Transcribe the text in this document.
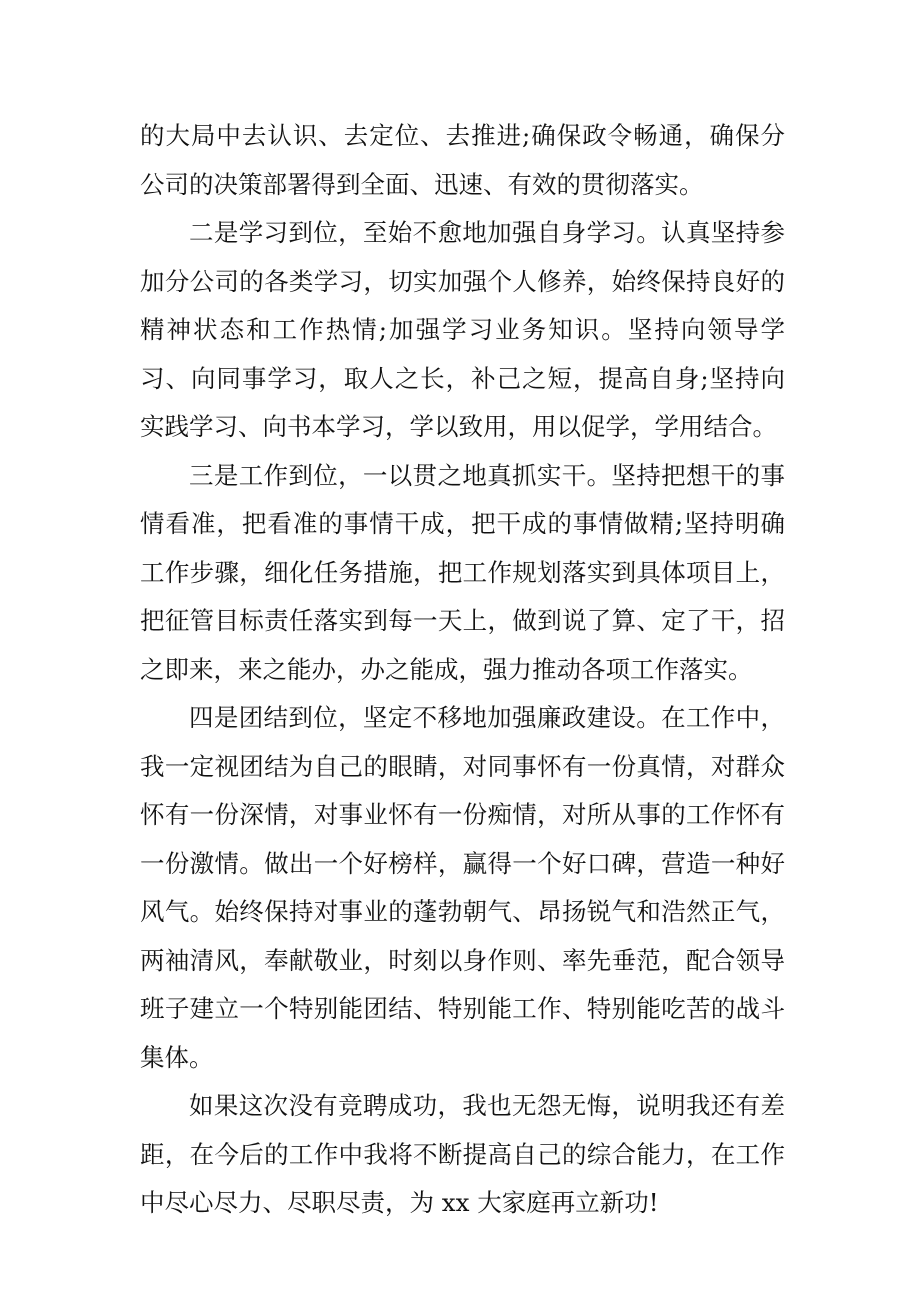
的大局中去认识、去定位、去推进;确保政令畅通，确保分公司的决策部署得到全面、迅速、有效的贯彻落实。

二是学习到位，至始不愈地加强自身学习。认真坚持参加分公司的各类学习，切实加强个人修养，始终保持良好的精神状态和工作热情;加强学习业务知识。坚持向领导学习、向同事学习，取人之长，补己之短，提高自身;坚持向实践学习、向书本学习，学以致用，用以促学，学用结合。

三是工作到位，一以贯之地真抓实干。坚持把想干的事情看准，把看准的事情干成，把干成的事情做精;坚持明确工作步骤，细化任务措施，把工作规划落实到具体项目上，把征管目标责任落实到每一天上，做到说了算、定了干，招之即来，来之能办，办之能成，强力推动各项工作落实。

四是团结到位，坚定不移地加强廉政建设。在工作中，我一定视团结为自己的眼睛，对同事怀有一份真情，对群众怀有一份深情，对事业怀有一份痴情，对所从事的工作怀有一份激情。做出一个好榜样，赢得一个好口碑，营造一种好风气。始终保持对事业的蓬勃朝气、昂扬锐气和浩然正气，两袖清风，奉献敬业，时刻以身作则、率先垂范，配合领导班子建立一个特别能团结、特别能工作、特别能吃苦的战斗集体。

如果这次没有竞聘成功，我也无怨无悔，说明我还有差距，在今后的工作中我将不断提高自己的综合能力，在工作中尽心尽力、尽职尽责，为 xx 大家庭再立新功!
